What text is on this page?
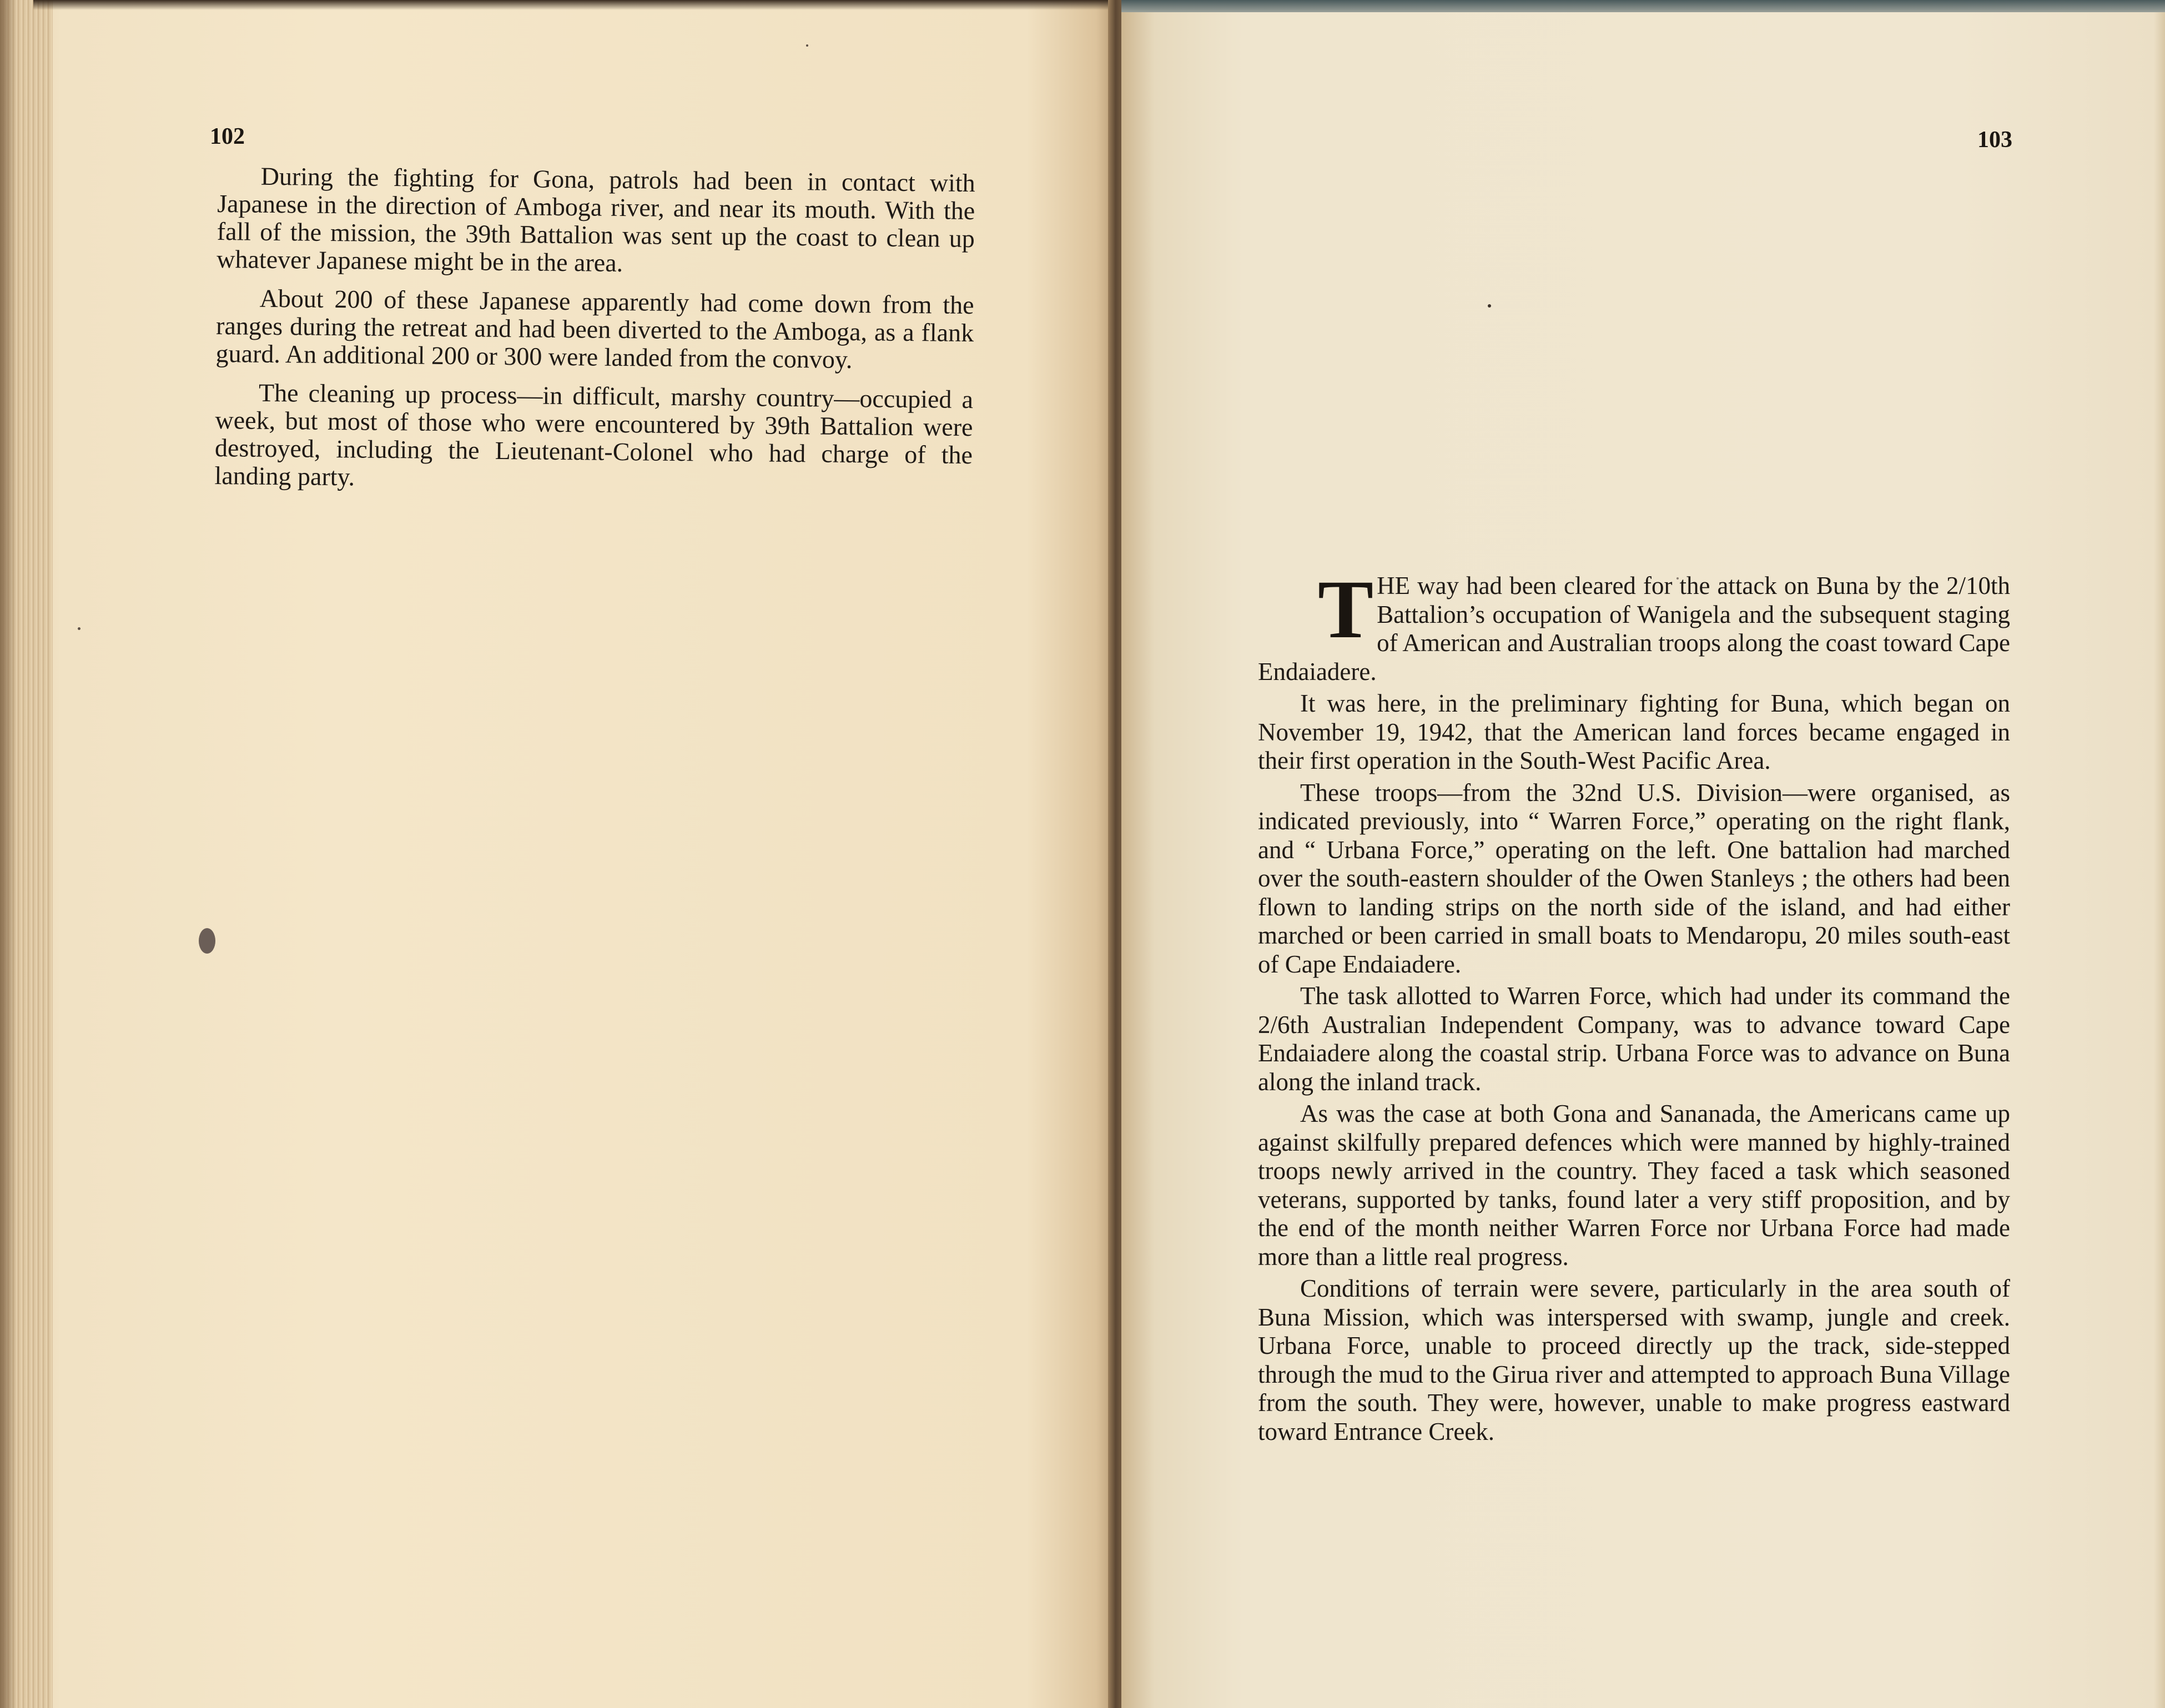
102

During the fighting for Gona, patrols had been in contact with Japanese in the direction of Amboga river, and near its mouth. With the fall of the mission, the 39th Battalion was sent up the coast to clean up whatever Japanese might be in the area.

About 200 of these Japanese apparently had come down from the ranges during the retreat and had been diverted to the Amboga, as a flank guard. An additional 200 or 300 were landed from the convoy.

The cleaning up process—in difficult, marshy country—occupied a week, but most of those who were encountered by 39th Battalion were destroyed, including the Lieutenant-Colonel who had charge of the landing party.

103

THE way had been cleared for the attack on Buna by the 2/10th Battalion’s occupation of Wanigela and the subsequent staging of American and Australian troops along the coast toward Cape Endaiadere.

It was here, in the preliminary fighting for Buna, which began on November 19, 1942, that the American land forces became engaged in their first operation in the South-West Pacific Area.

These troops—from the 32nd U.S. Division—were organised, as indicated previously, into “ Warren Force,” operating on the right flank, and “ Urbana Force,” operating on the left. One battalion had marched over the south-eastern shoulder of the Owen Stanleys ; the others had been flown to landing strips on the north side of the island, and had either marched or been carried in small boats to Mendaropu, 20 miles south-east of Cape Endaiadere.

The task allotted to Warren Force, which had under its command the 2/6th Australian Independent Company, was to advance toward Cape Endaiadere along the coastal strip. Urbana Force was to advance on Buna along the inland track.

As was the case at both Gona and Sananada, the Americans came up against skilfully prepared defences which were manned by highly-trained troops newly arrived in the country. They faced a task which seasoned veterans, supported by tanks, found later a very stiff proposition, and by the end of the month neither Warren Force nor Urbana Force had made more than a little real progress.

Conditions of terrain were severe, particularly in the area south of Buna Mission, which was interspersed with swamp, jungle and creek. Urbana Force, unable to proceed directly up the track, side-stepped through the mud to the Girua river and attempted to approach Buna Village from the south. They were, however, unable to make progress eastward toward Entrance Creek.
